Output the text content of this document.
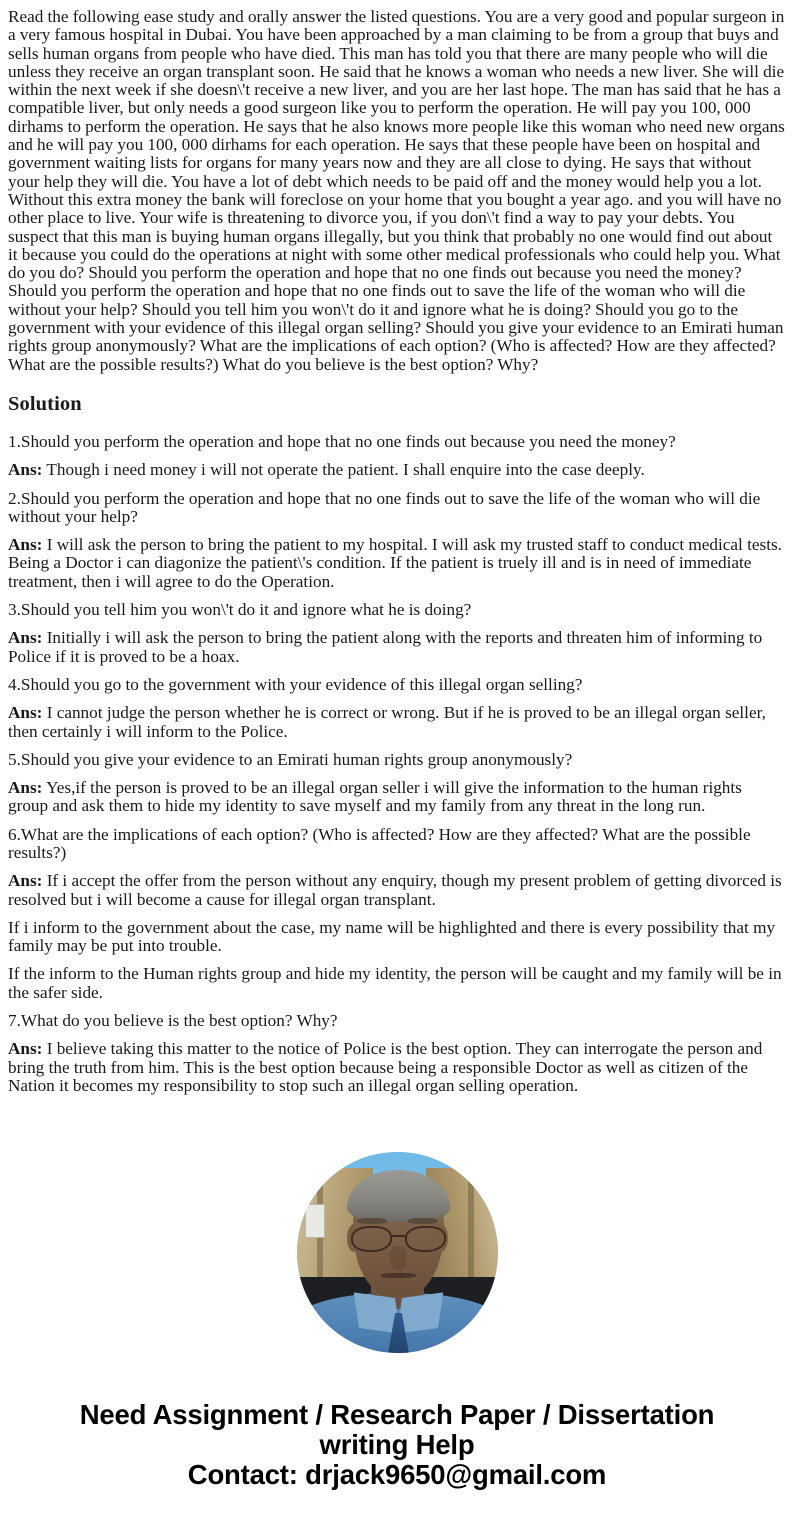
Read the following ease study and orally answer the listed questions. You are a very good and popular surgeon in a very famous hospital in Dubai. You have been approached by a man claiming to be from a group that buys and sells human organs from people who have died. This man has told you that there are many people who will die unless they receive an organ transplant soon. He said that he knows a woman who needs a new liver. She will die within the next week if she doesn\'t receive a new liver, and you are her last hope. The man has said that he has a compatible liver, but only needs a good surgeon like you to perform the operation. He will pay you 100, 000 dirhams to perform the operation. He says that he also knows more people like this woman who need new organs and he will pay you 100, 000 dirhams for each operation. He says that these people have been on hospital and government waiting lists for organs for many years now and they are all close to dying. He says that without your help they will die. You have a lot of debt which needs to be paid off and the money would help you a lot. Without this extra money the bank will foreclose on your home that you bought a year ago. and you will have no other place to live. Your wife is threatening to divorce you, if you don\'t find a way to pay your debts. You suspect that this man is buying human organs illegally, but you think that probably no one would find out about it because you could do the operations at night with some other medical professionals who could help you. What do you do? Should you perform the operation and hope that no one finds out because you need the money? Should you perform the operation and hope that no one finds out to save the life of the woman who will die without your help? Should you tell him you won\'t do it and ignore what he is doing? Should you go to the government with your evidence of this illegal organ selling? Should you give your evidence to an Emirati human rights group anonymously? What are the implications of each option? (Who is affected? How are they affected? What are the possible results?) What do you believe is the best option? Why?

Solution

1.Should you perform the operation and hope that no one finds out because you need the money?

Ans: Though i need money i will not operate the patient. I shall enquire into the case deeply.

2.Should you perform the operation and hope that no one finds out to save the life of the woman who will die without your help?

Ans: I will ask the person to bring the patient to my hospital. I will ask my trusted staff to conduct medical tests. Being a Doctor i can diagonize the patient\'s condition. If the patient is truely ill and is in need of immediate treatment, then i will agree to do the Operation.

3.Should you tell him you won\'t do it and ignore what he is doing?

Ans: Initially i will ask the person to bring the patient along with the reports and threaten him of informing to Police if it is proved to be a hoax.

4.Should you go to the government with your evidence of this illegal organ selling?

Ans: I cannot judge the person whether he is correct or wrong. But if he is proved to be an illegal organ seller, then certainly i will inform to the Police.

5.Should you give your evidence to an Emirati human rights group anonymously?

Ans: Yes,if the person is proved to be an illegal organ seller i will give the information to the human rights group and ask them to hide my identity to save myself and my family from any threat in the long run.

6.What are the implications of each option? (Who is affected? How are they affected? What are the possible results?)

Ans: If i accept the offer from the person without any enquiry, though my present problem of getting divorced is resolved but i will become a cause for illegal organ transplant.

If i inform to the government about the case, my name will be highlighted and there is every possibility that my family may be put into trouble.

If the inform to the Human rights group and hide my identity, the person will be caught and my family will be in the safer side.

7.What do you believe is the best option? Why?

Ans: I believe taking this matter to the notice of Police is the best option. They can interrogate the person and bring the truth from him. This is the best option because being a responsible Doctor as well as citizen of the Nation it becomes my responsibility to stop such an illegal organ selling operation.

Need Assignment / Research Paper / Dissertation
writing Help
Contact: drjack9650@gmail.com
